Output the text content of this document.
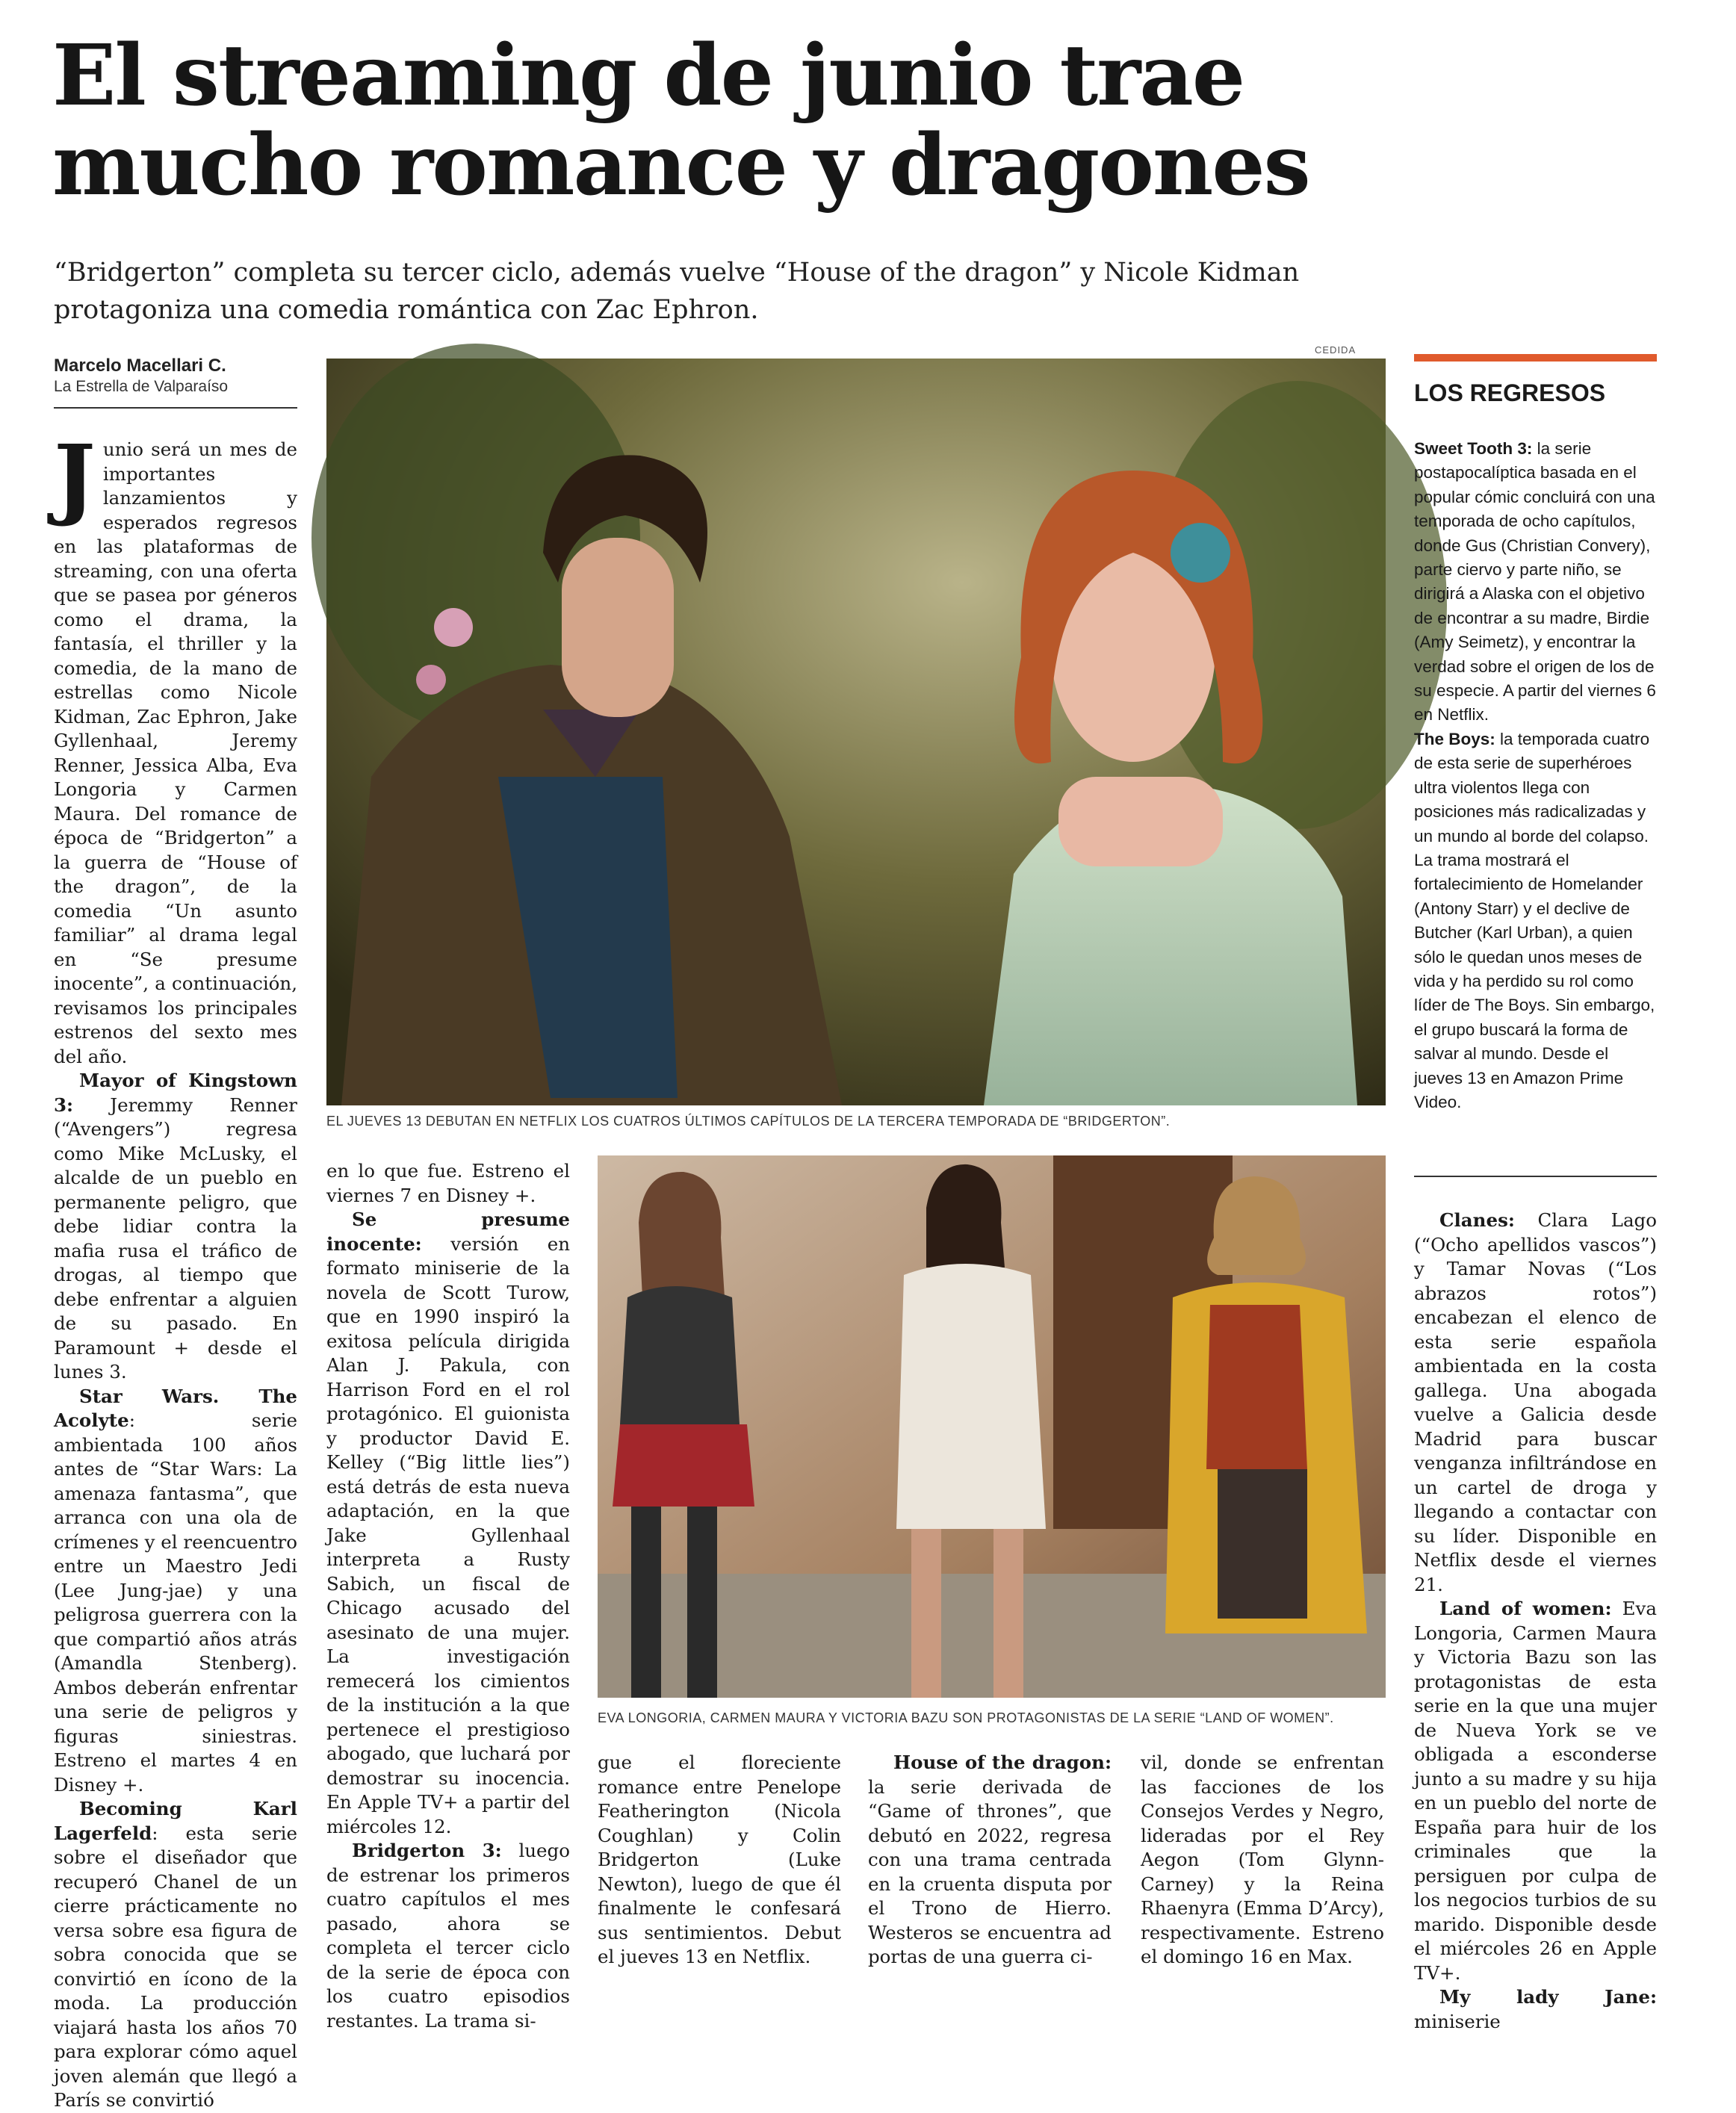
El streaming de junio trae
mucho romance y dragones
“Bridgerton” completa su tercer ciclo, además vuelve “House of the dragon” y Nicole Kidman protagoniza una comedia romántica con Zac Ephron.
Marcelo Macellari C.
La Estrella de Valparaíso
CEDIDA

Junio será un mes de importantes lanzamientos y esperados regresos en las plataformas de streaming, con una oferta que se pasea por géneros como el drama, la fantasía, el thriller y la comedia, de la mano de estrellas como Nicole Kidman, Zac Ephron, Jake Gyllenhaal, Jeremy Renner, Jessica Alba, Eva Longoria y Carmen Maura. Del romance de época de “Bridgerton” a la guerra de “House of the dragon”, de la comedia “Un asunto familiar” al drama legal en “Se presume inocente”, a continuación, revisamos los principales estrenos del sexto mes del año.

Mayor of Kingstown 3: Jeremmy Renner (“Avengers”) regresa como Mike McLusky, el alcalde de un pueblo en permanente peligro, que debe lidiar contra la mafia rusa el tráfico de drogas, al tiempo que debe enfrentar a alguien de su pasado. En Paramount + desde el lunes 3.

Star Wars. The Acolyte: serie ambientada 100 años antes de “Star Wars: La amenaza fantasma”, que arranca con una ola de crímenes y el reencuentro entre un Maestro Jedi (Lee Jung-jae) y una peligrosa guerrera con la que compartió años atrás (Amandla Stenberg). Ambos deberán enfrentar una serie de peligros y figuras siniestras. Estreno el martes 4 en Disney +.

Becoming Karl Lagerfeld: esta serie sobre el diseñador que recuperó Chanel de un cierre prácticamente no versa sobre esa figura de sobra conocida que se convirtió en ícono de la moda. La producción viajará hasta los años 70 para explorar cómo aquel joven alemán que llegó a París se convirtió

EL JUEVES 13 DEBUTAN EN NETFLIX LOS CUATROS ÚLTIMOS CAPÍTULOS DE LA TERCERA TEMPORADA DE “BRIDGERTON”.

en lo que fue. Estreno el viernes 7 en Disney +.

Se presume inocente: versión en formato miniserie de la novela de Scott Turow, que en 1990 inspiró la exitosa película dirigida Alan J. Pakula, con Harrison Ford en el rol protagónico. El guionista y productor David E. Kelley (“Big little lies”) está detrás de esta nueva adaptación, en la que Jake Gyllenhaal interpreta a Rusty Sabich, un fiscal de Chicago acusado del asesinato de una mujer. La investigación remecerá los cimientos de la institución a la que pertenece el prestigioso abogado, que luchará por demostrar su inocencia. En Apple TV+ a partir del miércoles 12.

Bridgerton 3: luego de estrenar los primeros cuatro capítulos el mes pasado, ahora se completa el tercer ciclo de la serie de época con los cuatro episodios restantes. La trama si-

EVA LONGORIA, CARMEN MAURA Y VICTORIA BAZU SON PROTAGONISTAS DE LA SERIE “LAND OF WOMEN”.

gue el floreciente romance entre Penelope Featherington (Nicola Coughlan) y Colin Bridgerton (Luke Newton), luego de que él finalmente le confesará sus sentimientos. Debut el jueves 13 en Netflix.

House of the dragon: la serie derivada de “Game of thrones”, que debutó en 2022, regresa con una trama centrada en la cruenta disputa por el Trono de Hierro. Westeros se encuentra ad portas de una guerra ci-

vil, donde se enfrentan las facciones de los Consejos Verdes y Negro, lideradas por el Rey Aegon (Tom Glynn-Carney) y la Reina Rhaenyra (Emma D’Arcy), respectivamente. Estreno el domingo 16 en Max.

LOS REGRESOS

Sweet Tooth 3: la serie postapocalíptica basada en el popular cómic concluirá con una temporada de ocho capítulos, donde Gus (Christian Convery), parte ciervo y parte niño, se dirigirá a Alaska con el objetivo de encontrar a su madre, Birdie (Amy Seimetz), y encontrar la verdad sobre el origen de los de su especie. A partir del viernes 6 en Netflix.

The Boys: la temporada cuatro de esta serie de superhéroes ultra violentos llega con posiciones más radicalizadas y un mundo al borde del colapso. La trama mostrará el fortalecimiento de Homelander (Antony Starr) y el declive de Butcher (Karl Urban), a quien sólo le quedan unos meses de vida y ha perdido su rol como líder de The Boys. Sin embargo, el grupo buscará la forma de salvar al mundo. Desde el jueves 13 en Amazon Prime Video.

Clanes: Clara Lago (“Ocho apellidos vascos”) y Tamar Novas (“Los abrazos rotos”) encabezan el elenco de esta serie española ambientada en la costa gallega. Una abogada vuelve a Galicia desde Madrid para buscar venganza infiltrándose en un cartel de droga y llegando a contactar con su líder. Disponible en Netflix desde el viernes 21.

Land of women: Eva Longoria, Carmen Maura y Victoria Bazu son las protagonistas de esta serie en la que una mujer de Nueva York se ve obligada a esconderse junto a su madre y su hija en un pueblo del norte de España para huir de los criminales que la persiguen por culpa de los negocios turbios de su marido. Disponible desde el miércoles 26 en Apple TV+.

My lady Jane: miniserie
